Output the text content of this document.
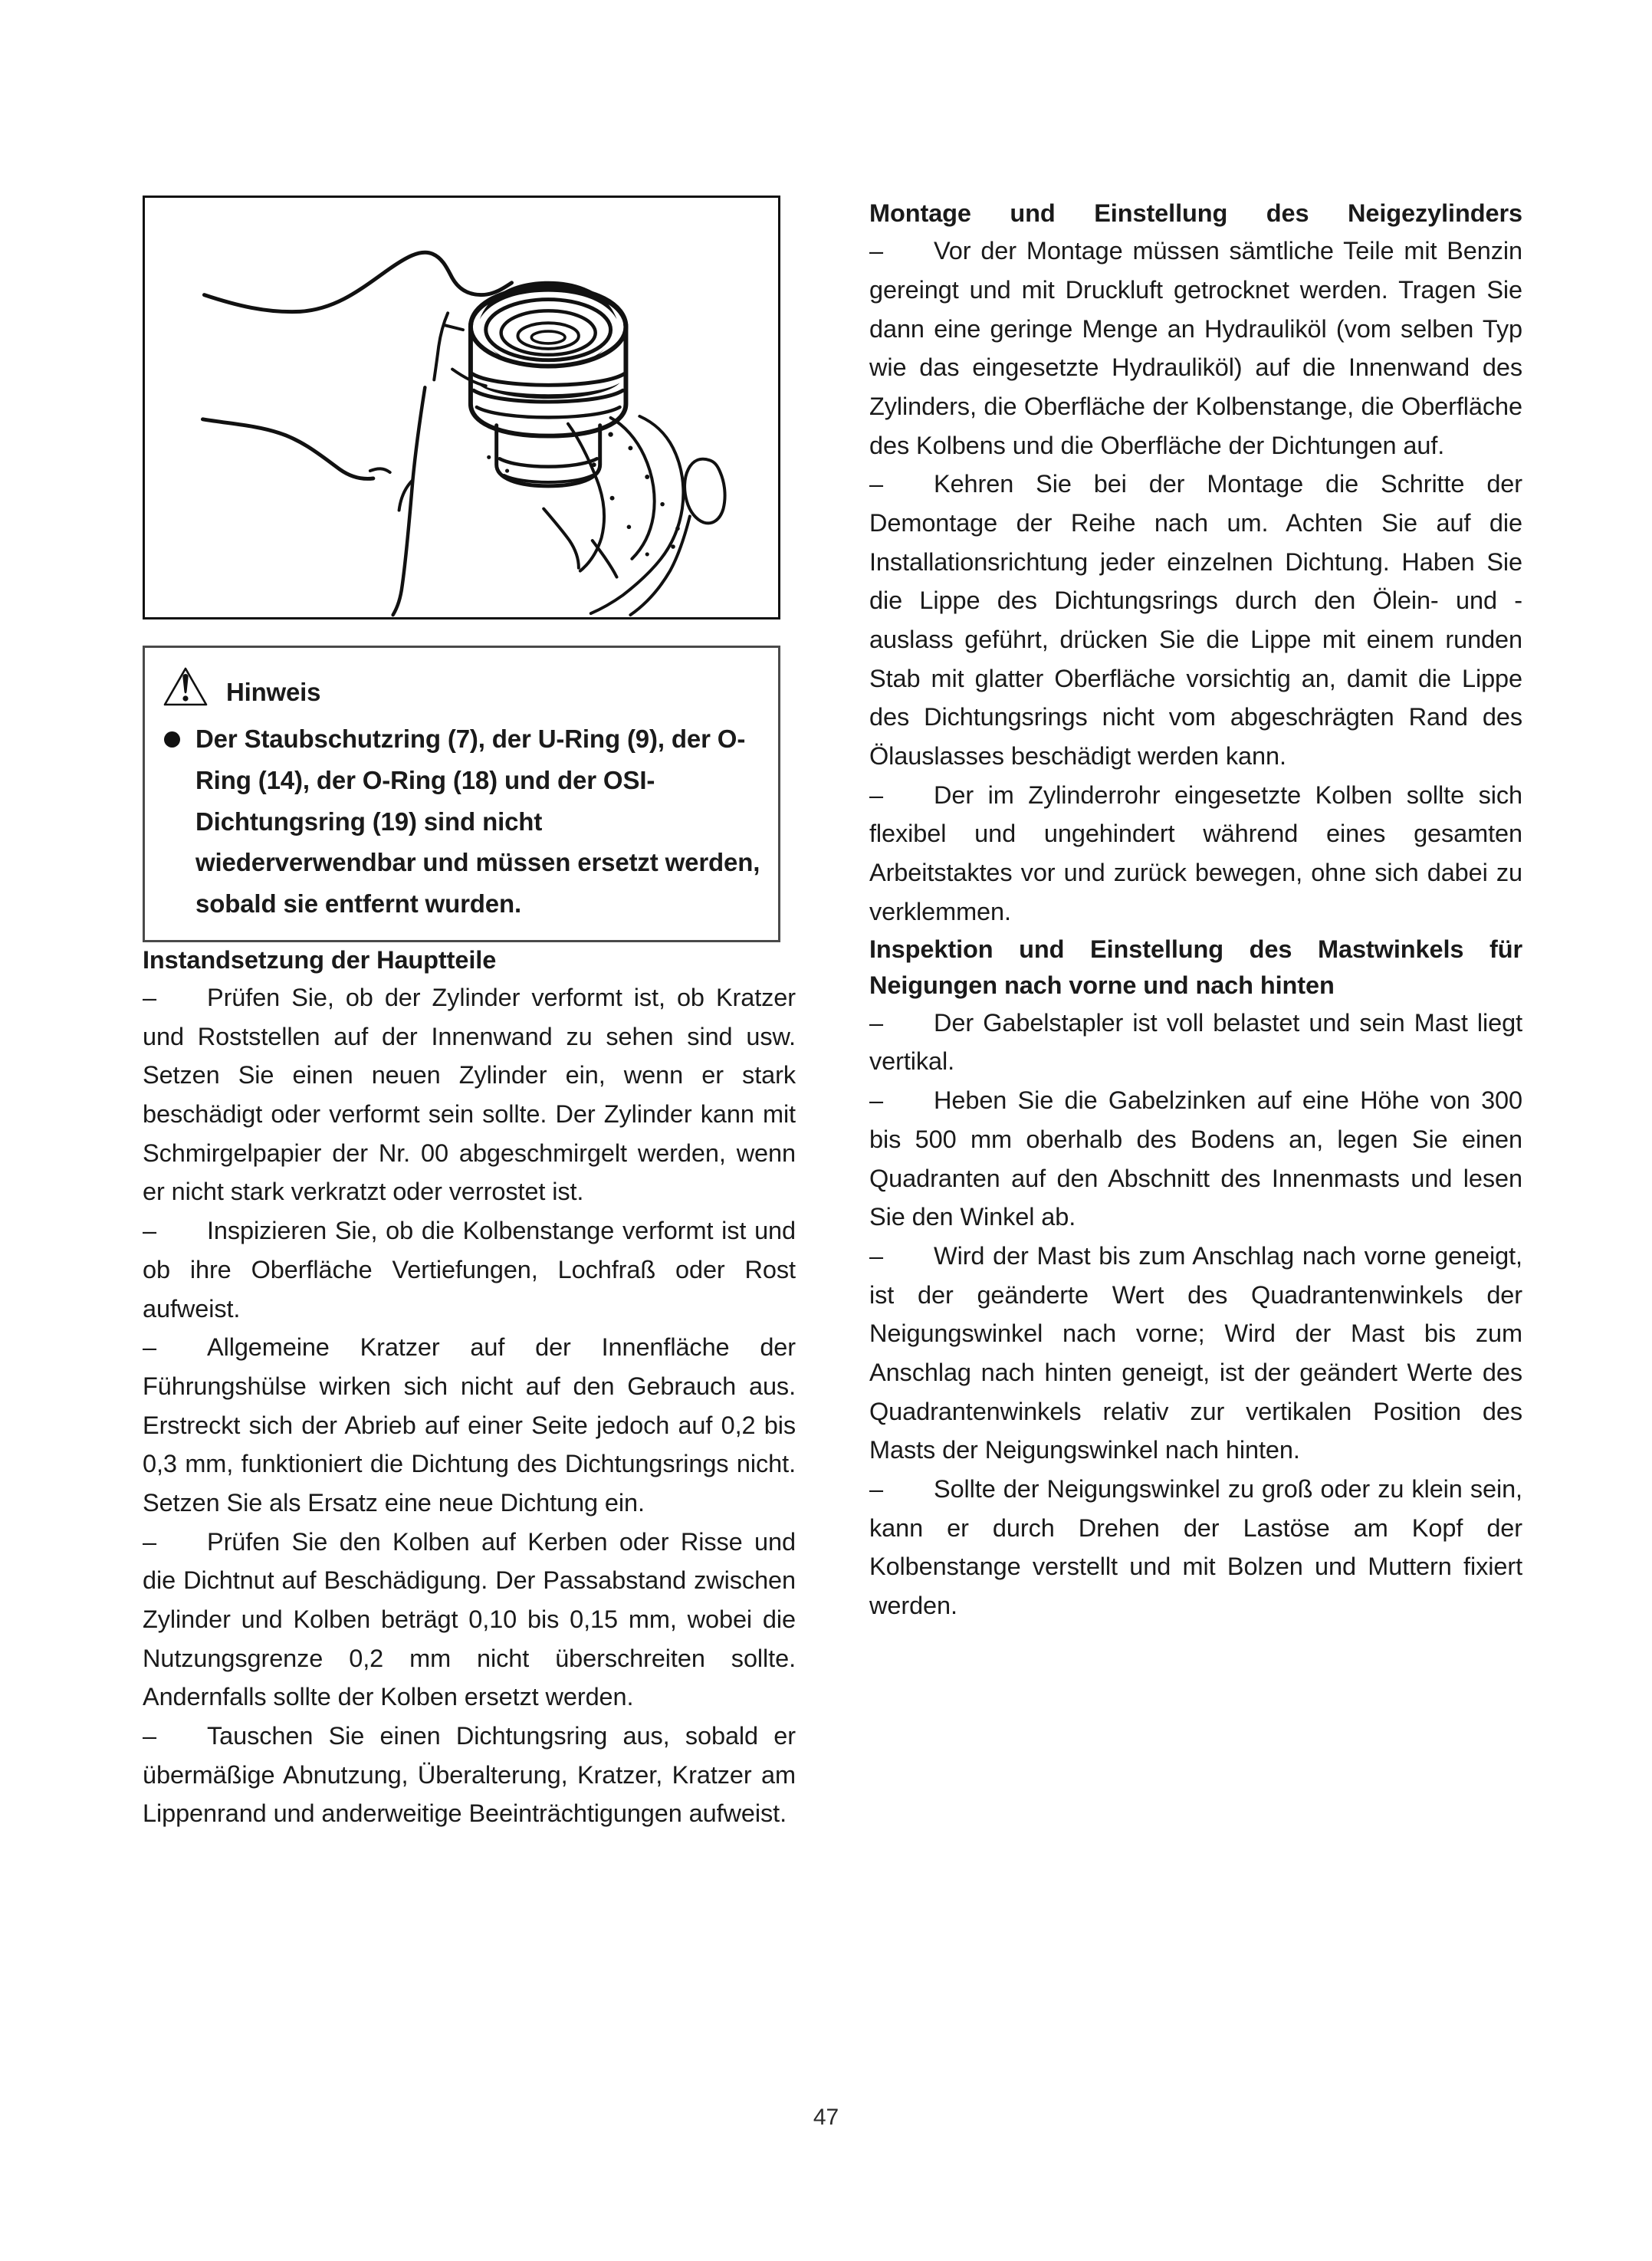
Hinweis
Der Staubschutzring (7), der U-Ring (9), der O-Ring (14), der O-Ring (18) und der OSI-Dichtungsring (19) sind nicht wiederverwendbar und müssen ersetzt werden, sobald sie entfernt wurden.
Instandsetzung der Hauptteile

– Prüfen Sie, ob der Zylinder verformt ist, ob Kratzer und Roststellen auf der Innenwand zu sehen sind usw. Setzen Sie einen neuen Zylinder ein, wenn er stark beschädigt oder verformt sein sollte. Der Zylinder kann mit Schmirgelpapier der Nr. 00 abgeschmirgelt werden, wenn er nicht stark verkratzt oder verrostet ist.

– Inspizieren Sie, ob die Kolbenstange verformt ist und ob ihre Oberfläche Vertiefungen, Lochfraß oder Rost aufweist.

– Allgemeine Kratzer auf der Innenfläche der Führungshülse wirken sich nicht auf den Gebrauch aus. Erstreckt sich der Abrieb auf einer Seite jedoch auf 0,2 bis 0,3 mm, funktioniert die Dichtung des Dichtungsrings nicht. Setzen Sie als Ersatz eine neue Dichtung ein.

– Prüfen Sie den Kolben auf Kerben oder Risse und die Dichtnut auf Beschädigung. Der Passabstand zwischen Zylinder und Kolben beträgt 0,10 bis 0,15 mm, wobei die Nutzungsgrenze 0,2 mm nicht überschreiten sollte. Andernfalls sollte der Kolben ersetzt werden.

– Tauschen Sie einen Dichtungsring aus, sobald er übermäßige Abnutzung, Überalterung, Kratzer, Kratzer am Lippenrand und anderweitige Beeinträchtigungen aufweist.

Montage und Einstellung des Neigezylinders

– Vor der Montage müssen sämtliche Teile mit Benzin gereingt und mit Druckluft getrocknet werden. Tragen Sie dann eine geringe Menge an Hydrauliköl (vom selben Typ wie das eingesetzte Hydrauliköl) auf die Innenwand des Zylinders, die Oberfläche der Kolbenstange, die Oberfläche des Kolbens und die Oberfläche der Dichtungen auf.

– Kehren Sie bei der Montage die Schritte der Demontage der Reihe nach um. Achten Sie auf die Installationsrichtung jeder einzelnen Dichtung. Haben Sie die Lippe des Dichtungsrings durch den Ölein- und -auslass geführt, drücken Sie die Lippe mit einem runden Stab mit glatter Oberfläche vorsichtig an, damit die Lippe des Dichtungsrings nicht vom abgeschrägten Rand des Ölauslasses beschädigt werden kann.

– Der im Zylinderrohr eingesetzte Kolben sollte sich flexibel und ungehindert während eines gesamten Arbeitstaktes vor und zurück bewegen, ohne sich dabei zu verklemmen.

Inspektion und Einstellung des Mastwinkels für Neigungen nach vorne und nach hinten

– Der Gabelstapler ist voll belastet und sein Mast liegt vertikal.

– Heben Sie die Gabelzinken auf eine Höhe von 300 bis 500 mm oberhalb des Bodens an, legen Sie einen Quadranten auf den Abschnitt des Innenmasts und lesen Sie den Winkel ab.

– Wird der Mast bis zum Anschlag nach vorne geneigt, ist der geänderte Wert des Quadrantenwinkels der Neigungswinkel nach vorne; Wird der Mast bis zum Anschlag nach hinten geneigt, ist der geändert Werte des Quadrantenwinkels relativ zur vertikalen Position des Masts der Neigungswinkel nach hinten.

– Sollte der Neigungswinkel zu groß oder zu klein sein, kann er durch Drehen der Lastöse am Kopf der Kolbenstange verstellt und mit Bolzen und Muttern fixiert werden.

47
